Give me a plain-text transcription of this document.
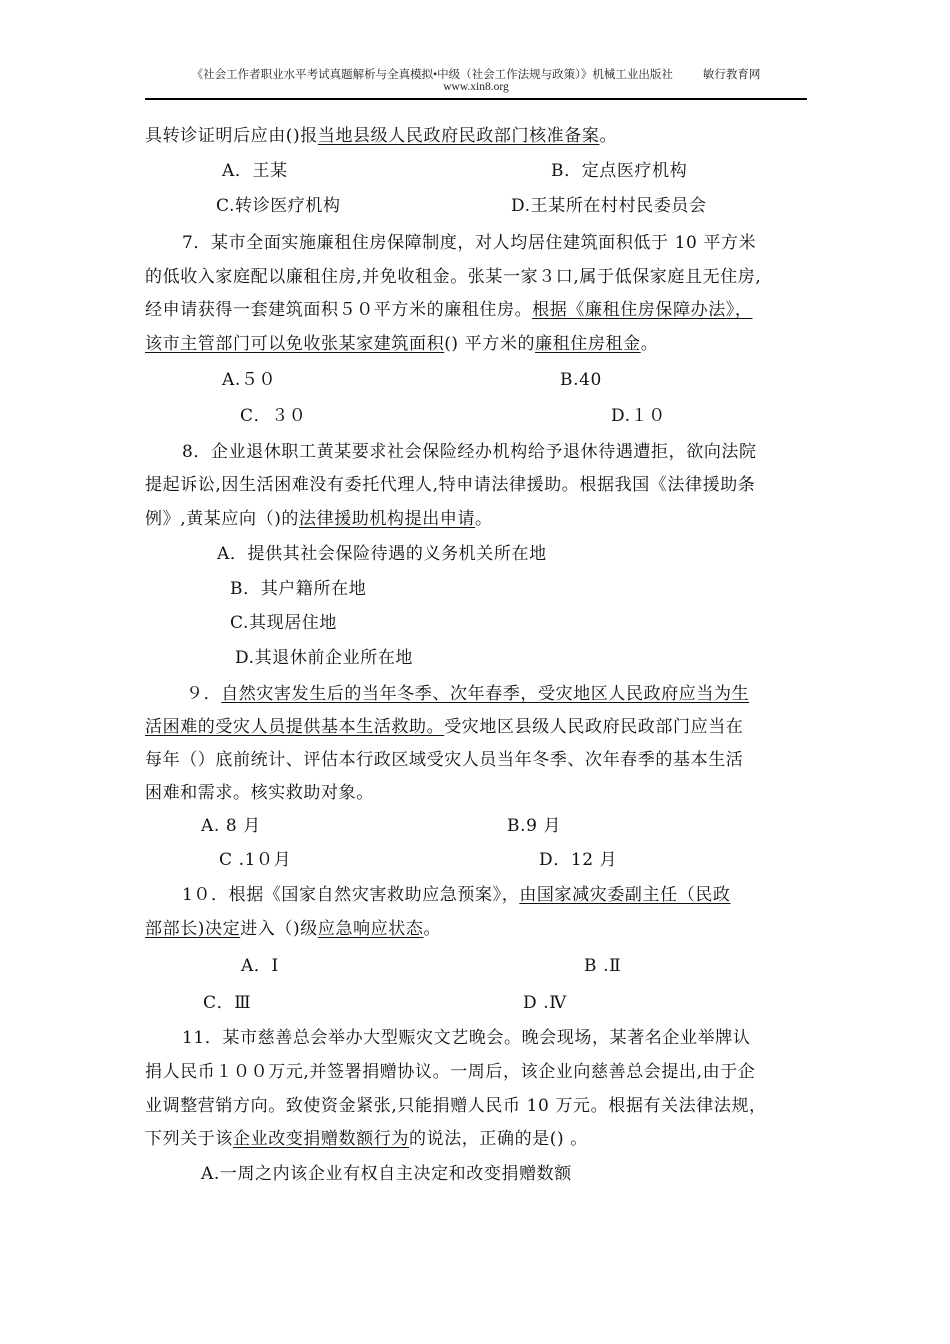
《社会工作者职业水平考试真题解析与全真模拟•中级（社会工作法规与政策）》机械工业出版社	敏行教育网
www.xin8.org
具转诊证明后应由()报当地县级人民政府民政部门核准备案。
A．王某	B．定点医疗机构
C.转诊医疗机构	D.王某所在村村民委员会
7．某市全面实施廉租住房保障制度，对人均居住建筑面积低于 10 平方米
的低收入家庭配以廉租住房,并免收租金。张某一家３口,属于低保家庭且无住房,
经申请获得一套建筑面积５０平方米的廉租住房。根据《廉租住房保障办法》，
该市主管部门可以免收张某家建筑面积() 平方米的廉租住房租金。
A.５０	B.40
C．３０	D.１０
8．企业退休职工黄某要求社会保险经办机构给予退休待遇遭拒，欲向法院
提起诉讼,因生活困难没有委托代理人,特申请法律援助。根据我国《法律援助条
例》,黄某应向（)的法律援助机构提出申请。
A．提供其社会保险待遇的义务机关所在地
B．其户籍所在地
C.其现居住地
D.其退休前企业所在地
９．自然灾害发生后的当年冬季、次年春季，受灾地区人民政府应当为生
活困难的受灾人员提供基本生活救助。受灾地区县级人民政府民政部门应当在
每年（）底前统计、评估本行政区域受灾人员当年冬季、次年春季的基本生活
困难和需求。核实救助对象。
A. 8 月	B.9 月
C .1０月	D．12 月
1０．根据《国家自然灾害救助应急预案》，由国家减灾委副主任（民政
部部长)决定进入（)级应急响应状态。
A．Ⅰ	B .Ⅱ
C．Ⅲ	D .Ⅳ
11．某市慈善总会举办大型赈灾文艺晚会。晚会现场，某著名企业举牌认
捐人民币１００万元,并签署捐赠协议。一周后，该企业向慈善总会提出,由于企
业调整营销方向。致使资金紧张,只能捐赠人民币 10 万元。根据有关法律法规，
下列关于该企业改变捐赠数额行为的说法，正确的是() 。
A.一周之内该企业有权自主决定和改变捐赠数额
